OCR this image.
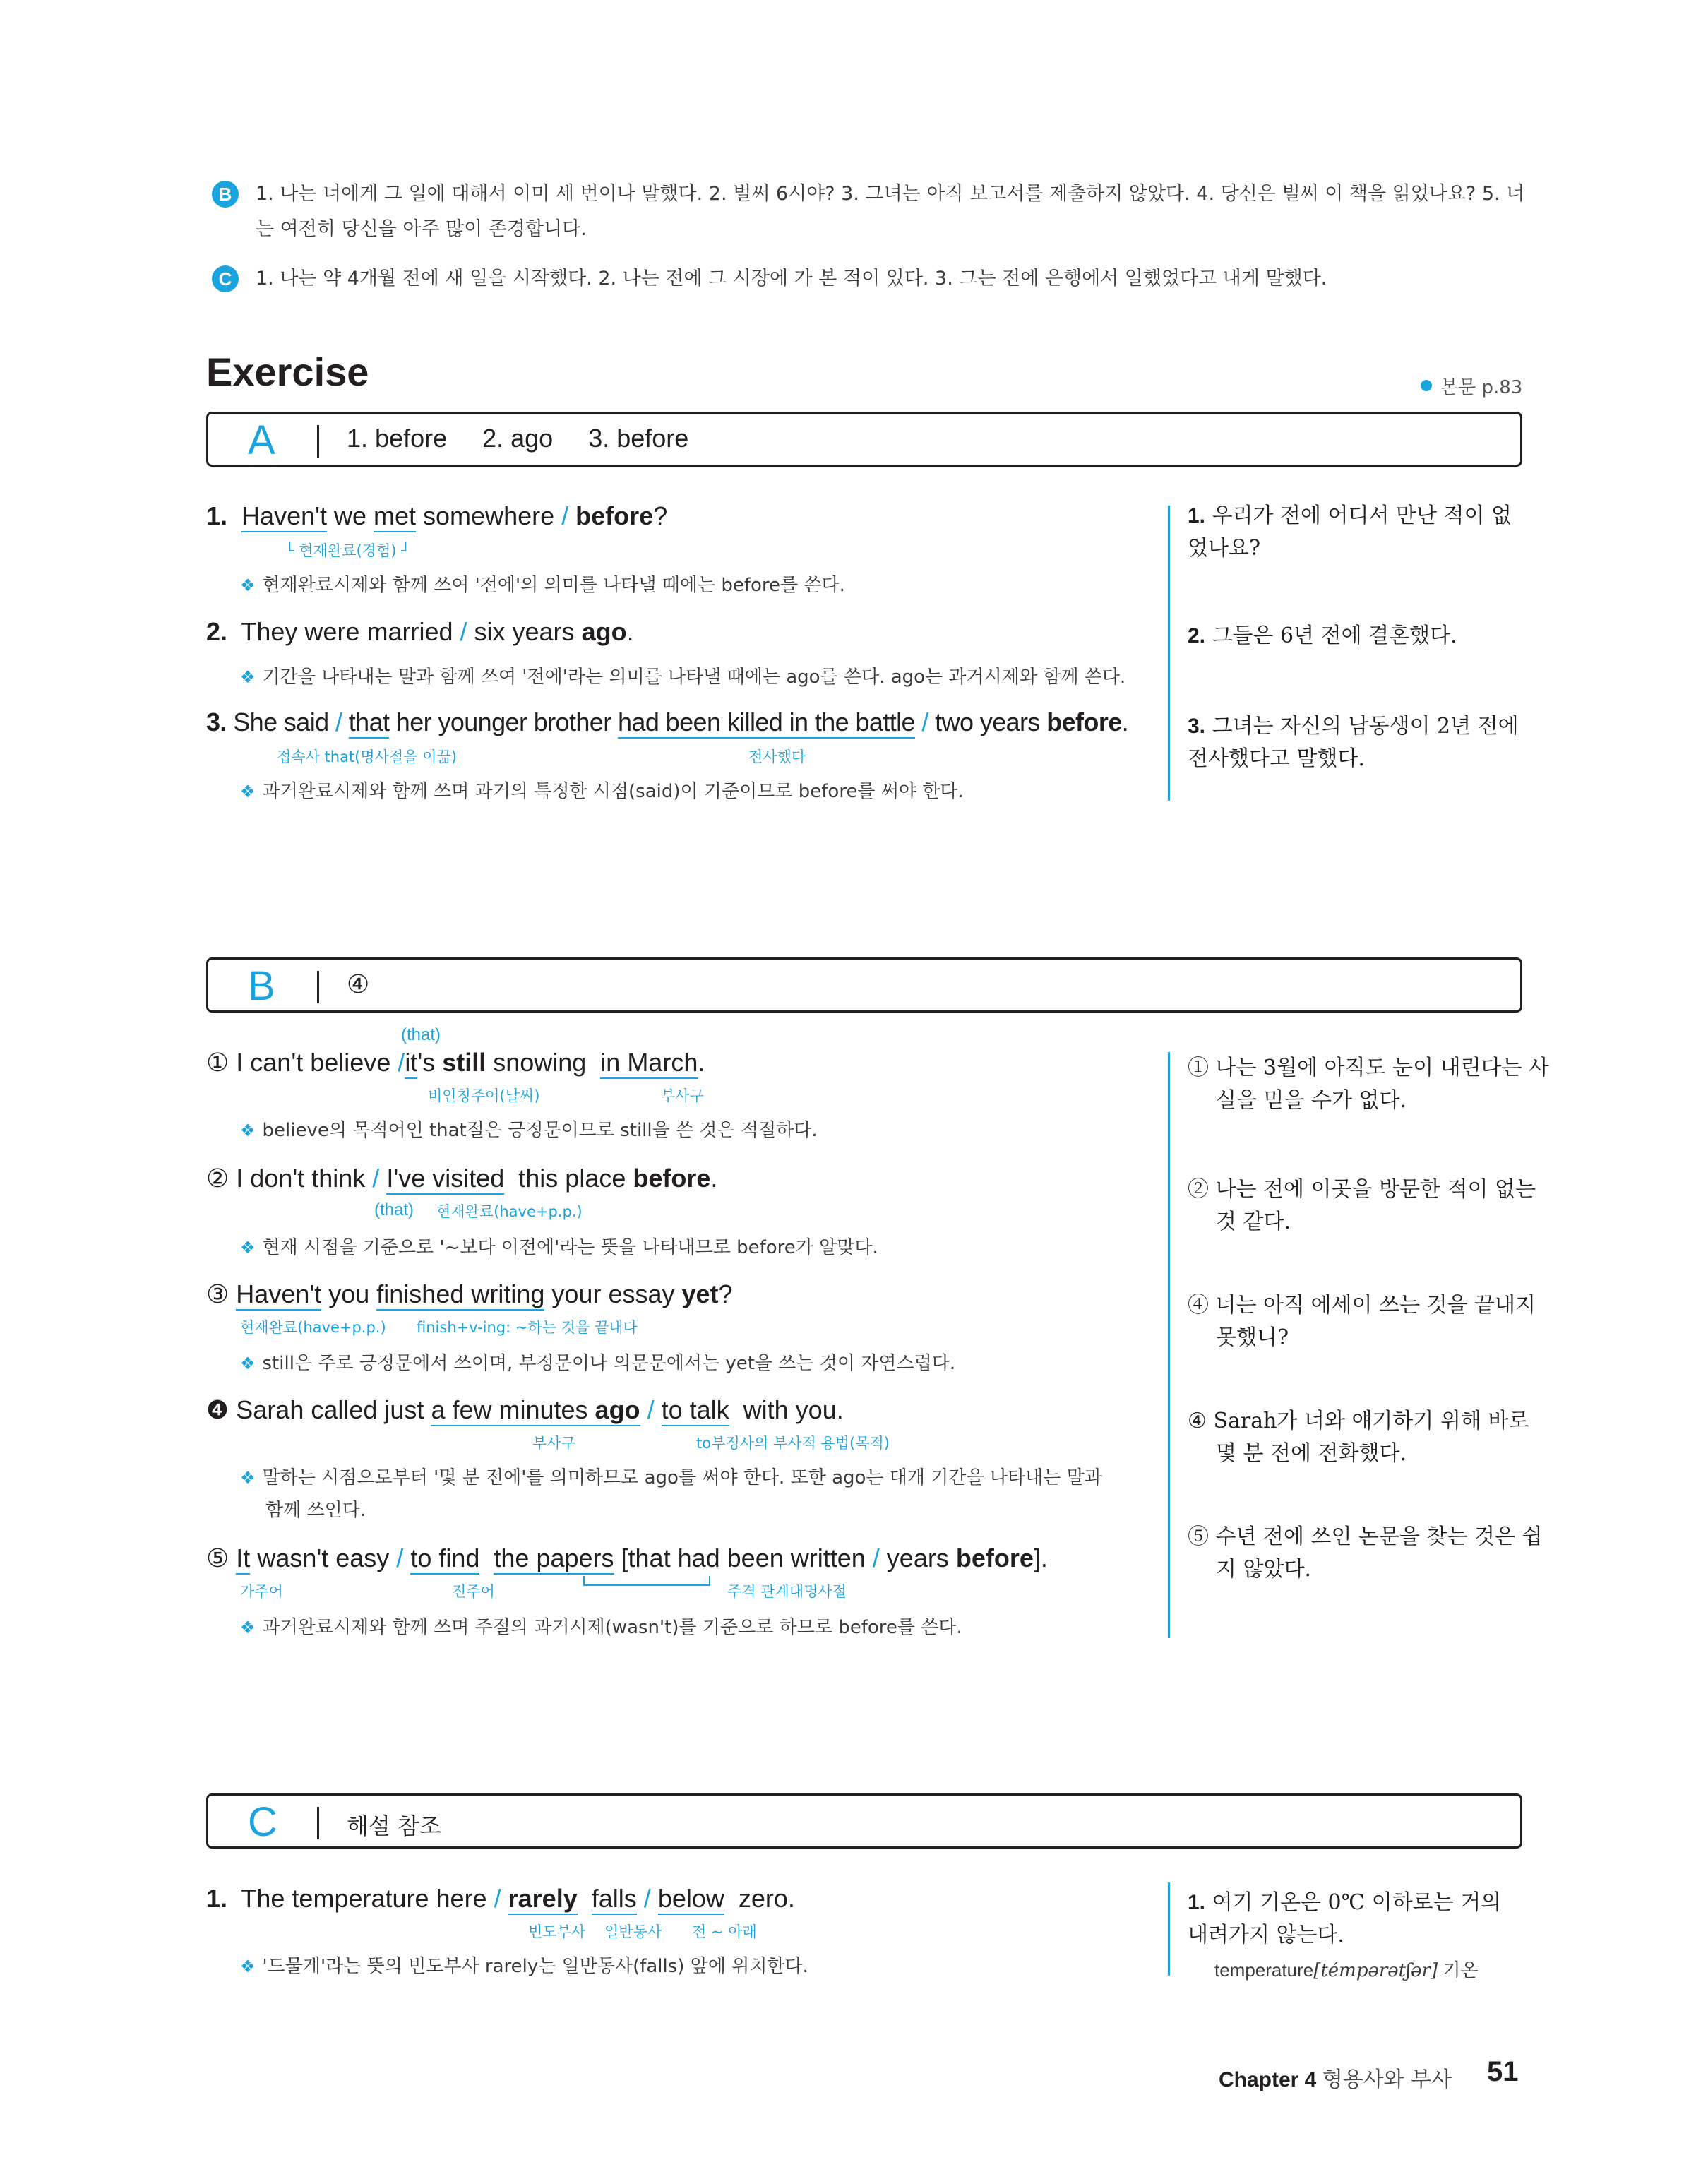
B	1. 나는 너에게 그 일에 대해서 이미 세 번이나 말했다. 2. 벌써 6시야? 3. 그녀는 아직 보고서를 제출하지 않았다. 4. 당신은 벌써 이 책을 읽었나요? 5. 너
는 여전히 당신을 아주 많이 존경합니다.
C	1. 나는 약 4개월 전에 새 일을 시작했다. 2. 나는 전에 그 시장에 가 본 적이 있다. 3. 그는 전에 은행에서 일했었다고 내게 말했다.
Exercise	본문 p.83
A	1. before     2. ago     3. before
1. Haven't we met somewhere / before?
└ 현재완료(경험) ┘
❖ 현재완료시제와 함께 쓰여 '전에'의 의미를 나타낼 때에는 before를 쓴다.
1. 우리가 전에 어디서 만난 적이 없었나요?
2. They were married / six years ago.
❖ 기간을 나타내는 말과 함께 쓰여 '전에'라는 의미를 나타낼 때에는 ago를 쓴다. ago는 과거시제와 함께 쓴다.
2. 그들은 6년 전에 결혼했다.
3. She said / that her younger brother had been killed in the battle / two years before.
접속사 that(명사절을 이끎)	전사했다
❖ 과거완료시제와 함께 쓰며 과거의 특정한 시점(said)이 기준이므로 before를 써야 한다.
3. 그녀는 자신의 남동생이 2년 전에 전사했다고 말했다.
B	④
(that)
① I can't believe /it's still snowing  in March.
비인칭주어(날씨)	부사구
❖ believe의 목적어인 that절은 긍정문이므로 still을 쓴 것은 적절하다.
① 나는 3월에 아직도 눈이 내린다는 사실을 믿을 수가 없다.
② I don't think / I've visited  this place before.
(that) 현재완료(have+p.p.)
❖ 현재 시점을 기준으로 '~보다 이전에'라는 뜻을 나타내므로 before가 알맞다.
② 나는 전에 이곳을 방문한 적이 없는 것 같다.
③ Haven't you finished writing your essay yet?
현재완료(have+p.p.) finish+v-ing: ~하는 것을 끝내다
❖ still은 주로 긍정문에서 쓰이며, 부정문이나 의문문에서는 yet을 쓰는 것이 자연스럽다.
④ 너는 아직 에세이 쓰는 것을 끝내지 못했니?
❹ Sarah called just a few minutes ago / to talk  with you.
부사구	to부정사의 부사적 용법(목적)
❖ 말하는 시점으로부터 '몇 분 전에'를 의미하므로 ago를 써야 한다. 또한 ago는 대개 기간을 나타내는 말과
함께 쓰인다.
④ Sarah가 너와 얘기하기 위해 바로 몇 분 전에 전화했다.
⑤ It wasn't easy / to find the papers [that had been written / years before].
가주어	진주어	주격 관계대명사절
❖ 과거완료시제와 함께 쓰며 주절의 과거시제(wasn't)를 기준으로 하므로 before를 쓴다.
⑤ 수년 전에 쓰인 논문을 찾는 것은 쉽지 않았다.
C	해설 참조
1. The temperature here / rarely falls / below  zero.
빈도부사 일반동사 전 ~ 아래
❖ '드물게'라는 뜻의 빈도부사 rarely는 일반동사(falls) 앞에 위치한다.
1. 여기 기온은 0℃ 이하로는 거의 내려가지 않는다.
temperature[témpərətʃər] 기온
Chapter 4 형용사와 부사 51
